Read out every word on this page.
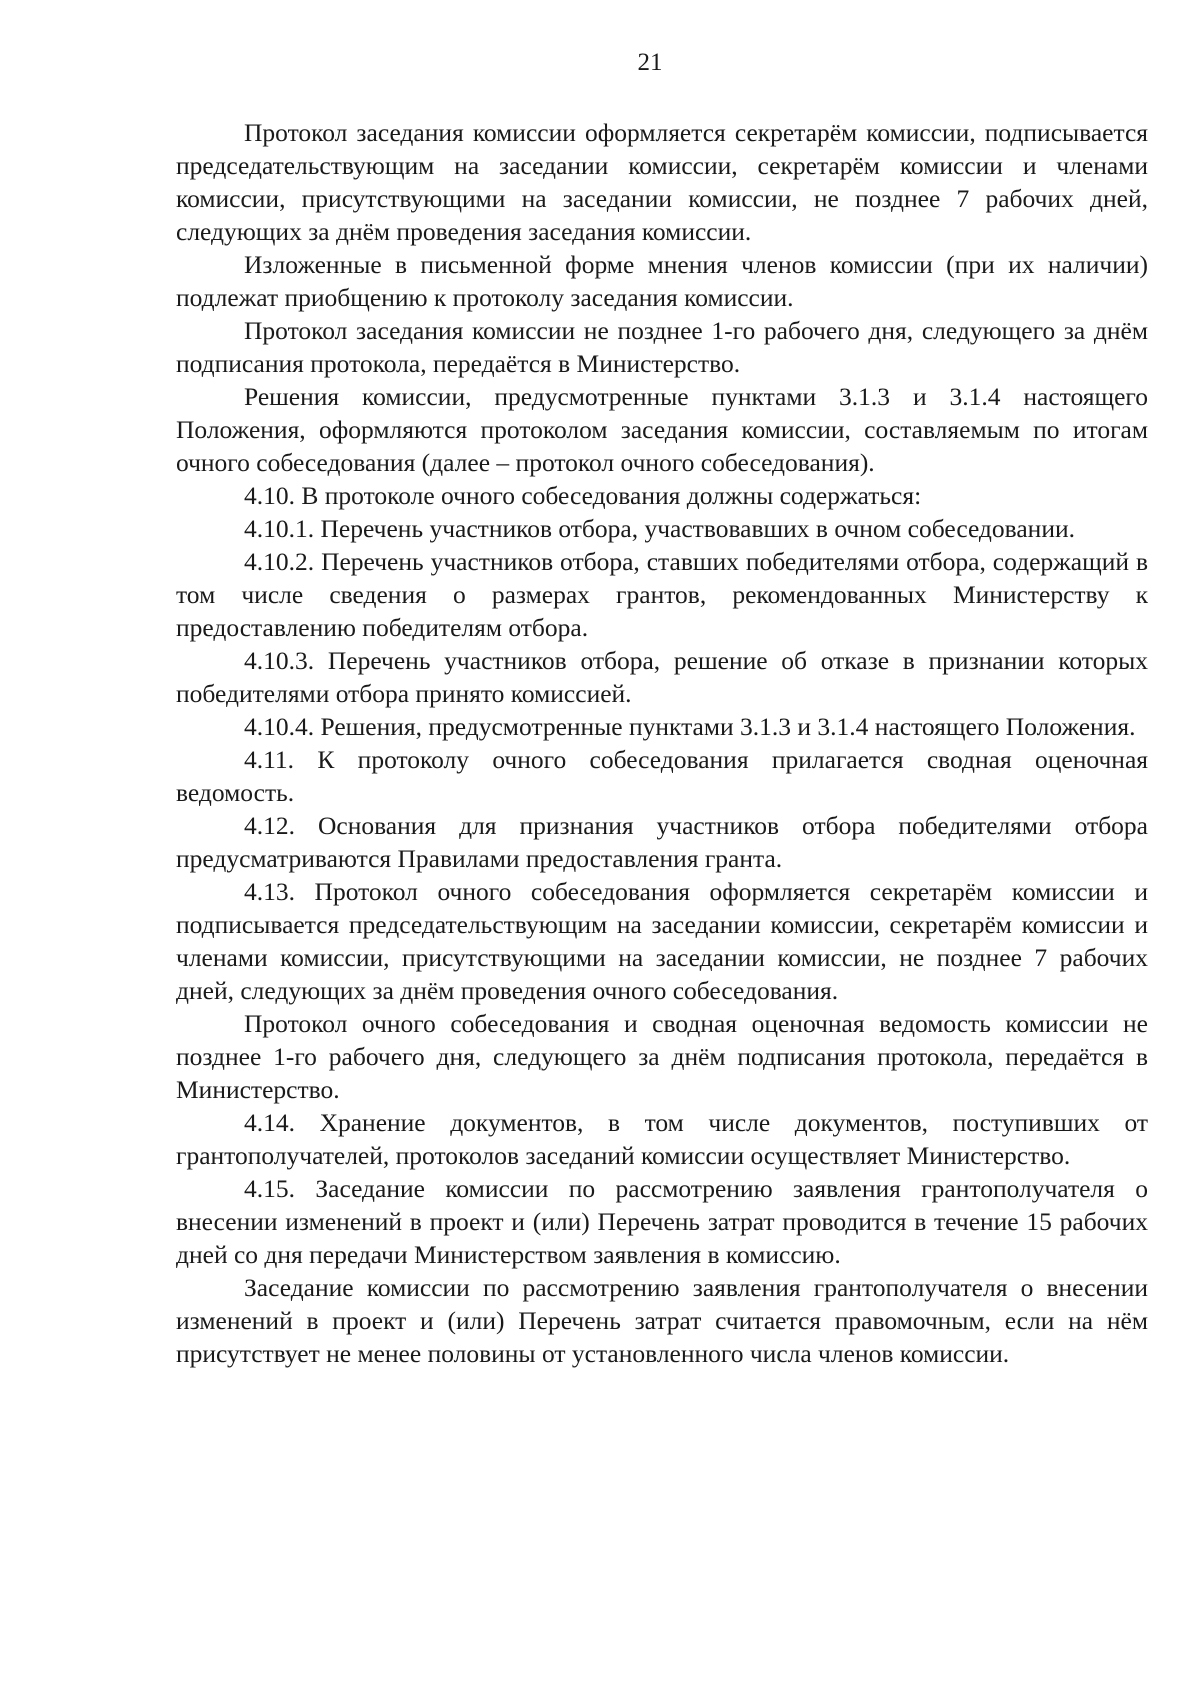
21

Протокол заседания комиссии оформляется секретарём комиссии, подписывается председательствующим на заседании комиссии, секретарём комиссии и членами комиссии, присутствующими на заседании комиссии, не позднее 7 рабочих дней, следующих за днём проведения заседания комиссии.

Изложенные в письменной форме мнения членов комиссии (при их наличии) подлежат приобщению к протоколу заседания комиссии.

Протокол заседания комиссии не позднее 1-го рабочего дня, следующего за днём подписания протокола, передаётся в Министерство.

Решения комиссии, предусмотренные пунктами 3.1.3 и 3.1.4 настоящего Положения, оформляются протоколом заседания комиссии, составляемым по итогам очного собеседования (далее – протокол очного собеседования).

4.10. В протоколе очного собеседования должны содержаться:

4.10.1. Перечень участников отбора, участвовавших в очном собеседовании.

4.10.2. Перечень участников отбора, ставших победителями отбора, содержащий в том числе сведения о размерах грантов, рекомендованных Министерству к предоставлению победителям отбора.

4.10.3. Перечень участников отбора, решение об отказе в признании которых победителями отбора принято комиссией.

4.10.4. Решения, предусмотренные пунктами 3.1.3 и 3.1.4 настоящего Положения.

4.11. К протоколу очного собеседования прилагается сводная оценочная ведомость.

4.12. Основания для признания участников отбора победителями отбора предусматриваются Правилами предоставления гранта.

4.13. Протокол очного собеседования оформляется секретарём комиссии и подписывается председательствующим на заседании комиссии, секретарём комиссии и членами комиссии, присутствующими на заседании комиссии, не позднее 7 рабочих дней, следующих за днём проведения очного собеседования.

Протокол очного собеседования и сводная оценочная ведомость комиссии не позднее 1-го рабочего дня, следующего за днём подписания протокола, передаётся в Министерство.

4.14. Хранение документов, в том числе документов, поступивших от грантополучателей, протоколов заседаний комиссии осуществляет Министерство.

4.15. Заседание комиссии по рассмотрению заявления грантополучателя о внесении изменений в проект и (или) Перечень затрат проводится в течение 15 рабочих дней со дня передачи Министерством заявления в комиссию.

Заседание комиссии по рассмотрению заявления грантополучателя о внесении изменений в проект и (или) Перечень затрат считается правомочным, если на нём присутствует не менее половины от установленного числа членов комиссии.
